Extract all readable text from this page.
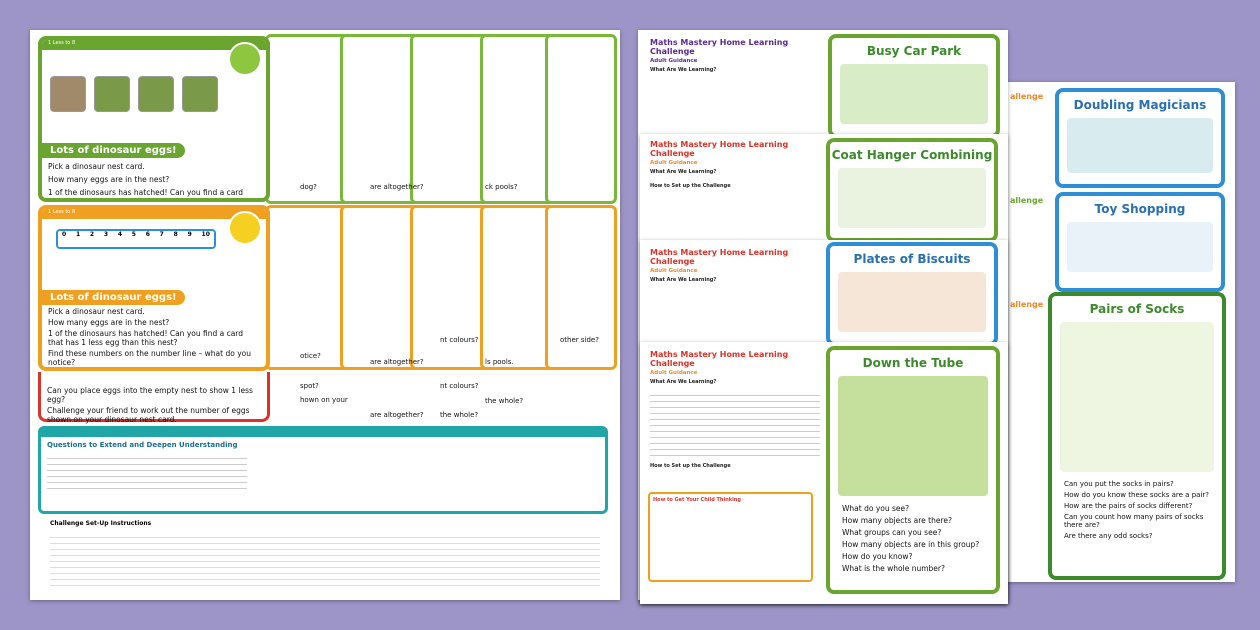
dog?	are altogether?	ck pools?
otice?
are altogether?
nt colours?
ls pools.
other side?
spot?
hown on your
are altogether?
nt colours?
the whole?
the whole?
1 Less to 8
Lots of dinosaur eggs!
Pick a dinosaur nest card.
How many eggs are in the nest?
1 of the dinosaurs has hatched! Can you find a card that has 1 less egg than this nest?
1 Less to 8
0 1 2 3 4 5 6 7 8 9 10
Lots of dinosaur eggs!
Pick a dinosaur nest card.
How many eggs are in the nest?
1 of the dinosaurs has hatched! Can you find a card that has 1 less egg than this nest?
Find these numbers on the number line – what do you notice?
Can you place eggs into the empty nest to show 1 less egg?
Challenge your friend to work out the number of eggs shown on your dinosaur nest card.
Questions to Extend and Deepen Understanding
Challenge Set-Up Instructions
allenge
allenge
allenge
Doubling Magicians
Toy Shopping
Pairs of Socks
Can you put the socks in pairs?
How do you know these socks are a pair?
How are the pairs of socks different?
Can you count how many pairs of socks there are?
Are there any odd socks?
Maths Mastery Home Learning Challenge
Adult Guidance
What Are We Learning?
Busy Car Park
Maths Mastery Home Learning Challenge
Adult Guidance
What Are We Learning?
How to Set up the Challenge
Coat Hanger Combining
Maths Mastery Home Learning Challenge
Adult Guidance
What Are We Learning?
Plates of Biscuits
Maths Mastery Home Learning Challenge
Adult Guidance
What Are We Learning?
How to Set up the Challenge
How to Get Your Child Thinking
Down the Tube
What do you see?
How many objects are there?
What groups can you see?
How many objects are in this group?
How do you know?
What is the whole number?
